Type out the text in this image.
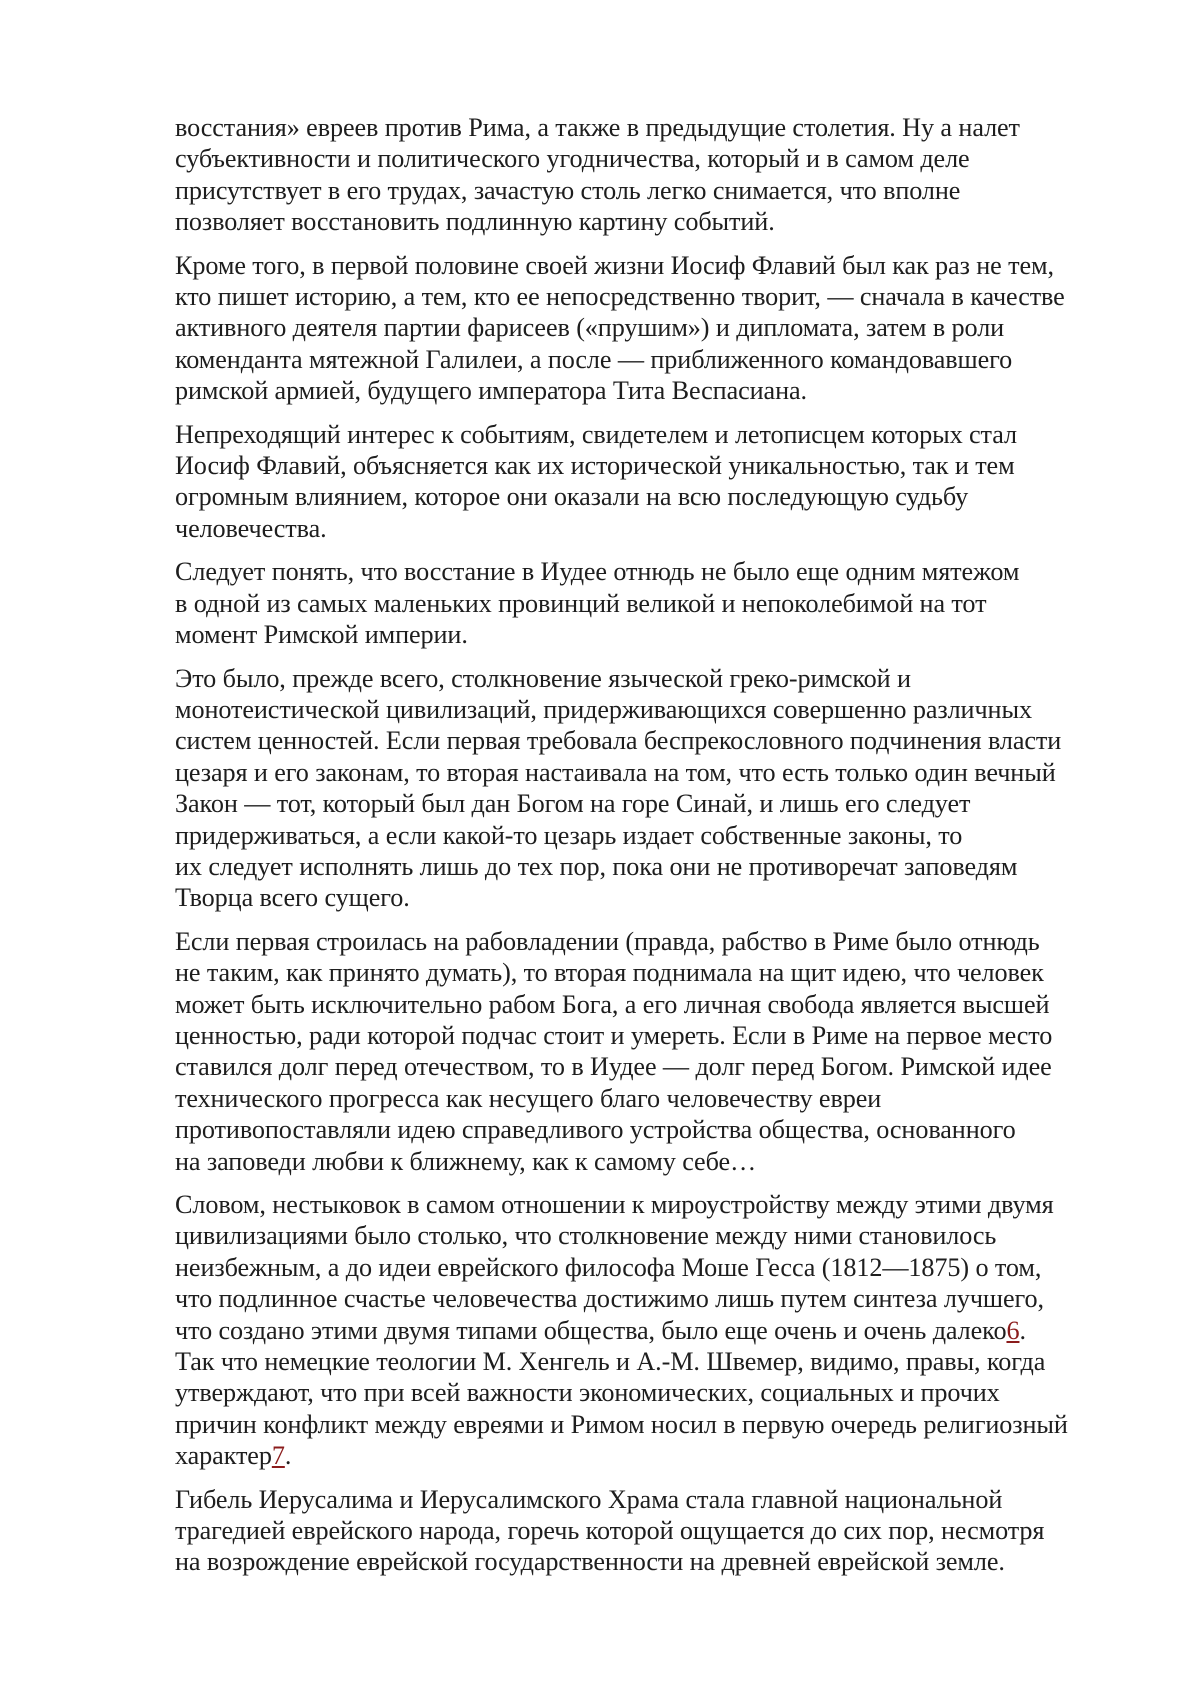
восстания» евреев против Рима, а также в предыдущие столетия. Ну а налет
субъективности и политического угодничества, который и в самом деле
присутствует в его трудах, зачастую столь легко снимается, что вполне
позволяет восстановить подлинную картину событий.

Кроме того, в первой половине своей жизни Иосиф Флавий был как раз не тем,
кто пишет историю, а тем, кто ее непосредственно творит, — сначала в качестве
активного деятеля партии фарисеев («прушим») и дипломата, затем в роли
коменданта мятежной Галилеи, а после — приближенного командовавшего
римской армией, будущего императора Тита Веспасиана.

Непреходящий интерес к событиям, свидетелем и летописцем которых стал
Иосиф Флавий, объясняется как их исторической уникальностью, так и тем
огромным влиянием, которое они оказали на всю последующую судьбу
человечества.

Следует понять, что восстание в Иудее отнюдь не было еще одним мятежом
в одной из самых маленьких провинций великой и непоколебимой на тот
момент Римской империи.

Это было, прежде всего, столкновение языческой греко-римской и
монотеистической цивилизаций, придерживающихся совершенно различных
систем ценностей. Если первая требовала беспрекословного подчинения власти
цезаря и его законам, то вторая настаивала на том, что есть только один вечный
Закон — тот, который был дан Богом на горе Синай, и лишь его следует
придерживаться, а если какой-то цезарь издает собственные законы, то
их следует исполнять лишь до тех пор, пока они не противоречат заповедям
Творца всего сущего.

Если первая строилась на рабовладении (правда, рабство в Риме было отнюдь
не таким, как принято думать), то вторая поднимала на щит идею, что человек
может быть исключительно рабом Бога, а его личная свобода является высшей
ценностью, ради которой подчас стоит и умереть. Если в Риме на первое место
ставился долг перед отечеством, то в Иудее — долг перед Богом. Римской идее
технического прогресса как несущего благо человечеству евреи
противопоставляли идею справедливого устройства общества, основанного
на заповеди любви к ближнему, как к самому себе…

Словом, нестыковок в самом отношении к мироустройству между этими двумя
цивилизациями было столько, что столкновение между ними становилось
неизбежным, а до идеи еврейского философа Моше Гесса (1812—1875) о том,
что подлинное счастье человечества достижимо лишь путем синтеза лучшего,
что создано этими двумя типами общества, было еще очень и очень далеко6.
Так что немецкие теологии М. Хенгель и А.-М. Швемер, видимо, правы, когда
утверждают, что при всей важности экономических, социальных и прочих
причин конфликт между евреями и Римом носил в первую очередь религиозный
характер7.

Гибель Иерусалима и Иерусалимского Храма стала главной национальной
трагедией еврейского народа, горечь которой ощущается до сих пор, несмотря
на возрождение еврейской государственности на древней еврейской земле.
